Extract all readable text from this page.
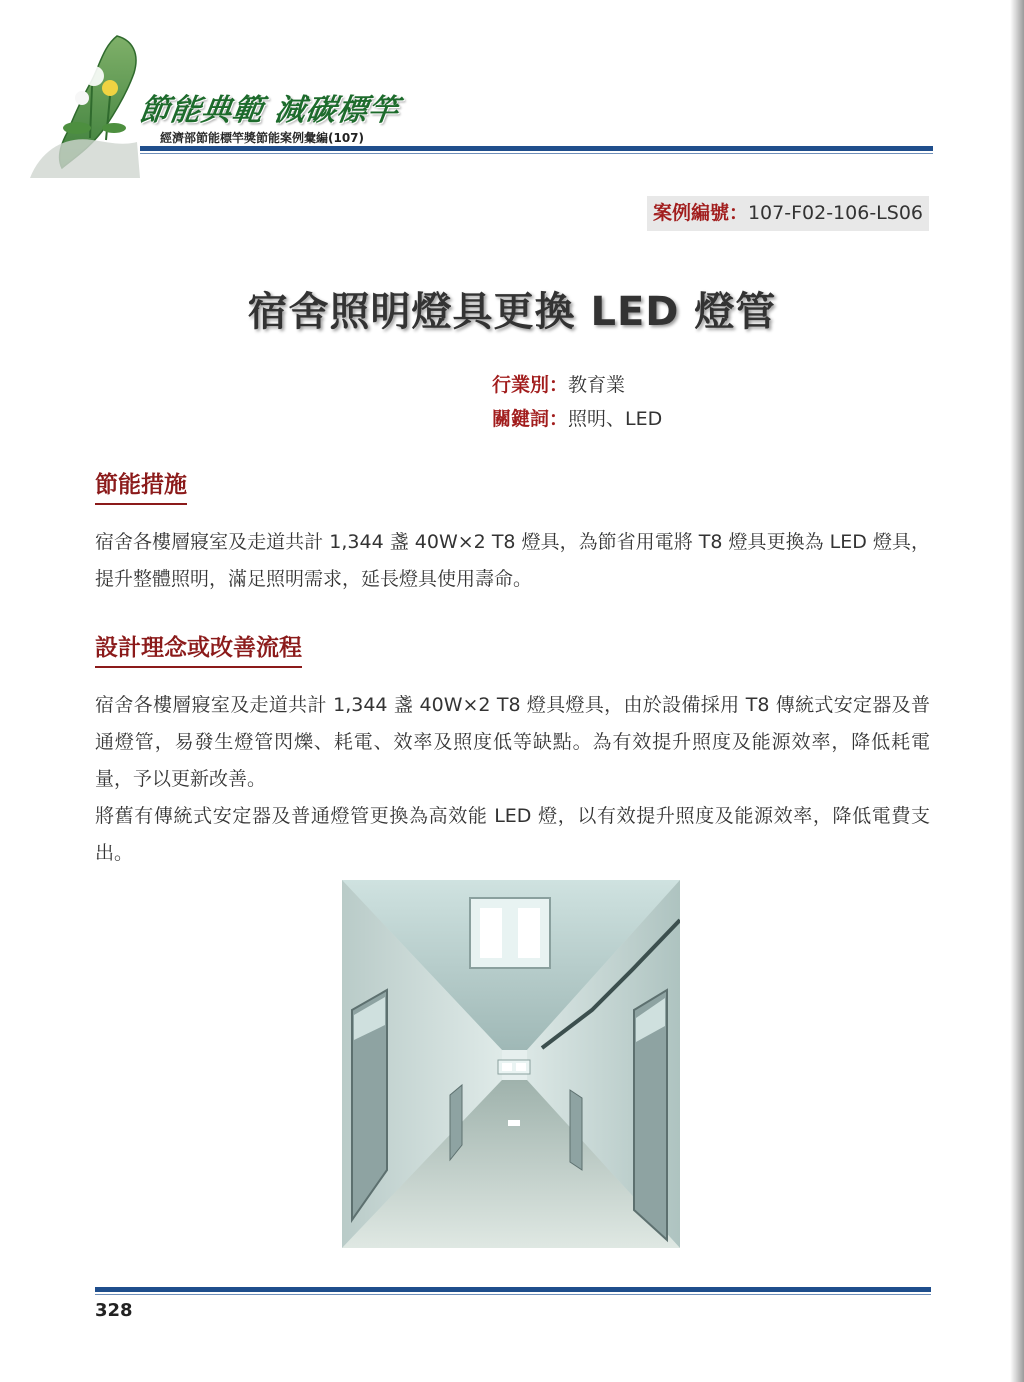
節能典範 減碳標竿
經濟部節能標竿獎節能案例彙編(107)
案例編號：107-F02-106-LS06
宿舍照明燈具更換 LED 燈管
行業別：教育業
關鍵詞：照明、LED
節能措施
宿舍各樓層寢室及走道共計 1,344 盞 40W×2 T8 燈具，為節省用電將 T8 燈具更換為 LED 燈具，提升整體照明，滿足照明需求，延長燈具使用壽命。
設計理念或改善流程
宿舍各樓層寢室及走道共計 1,344 盞 40W×2 T8 燈具燈具，由於設備採用 T8 傳統式安定器及普通燈管，易發生燈管閃爍、耗電、效率及照度低等缺點。為有效提升照度及能源效率，降低耗電量，予以更新改善。
將舊有傳統式安定器及普通燈管更換為高效能 LED 燈，以有效提升照度及能源效率，降低電費支出。
328
